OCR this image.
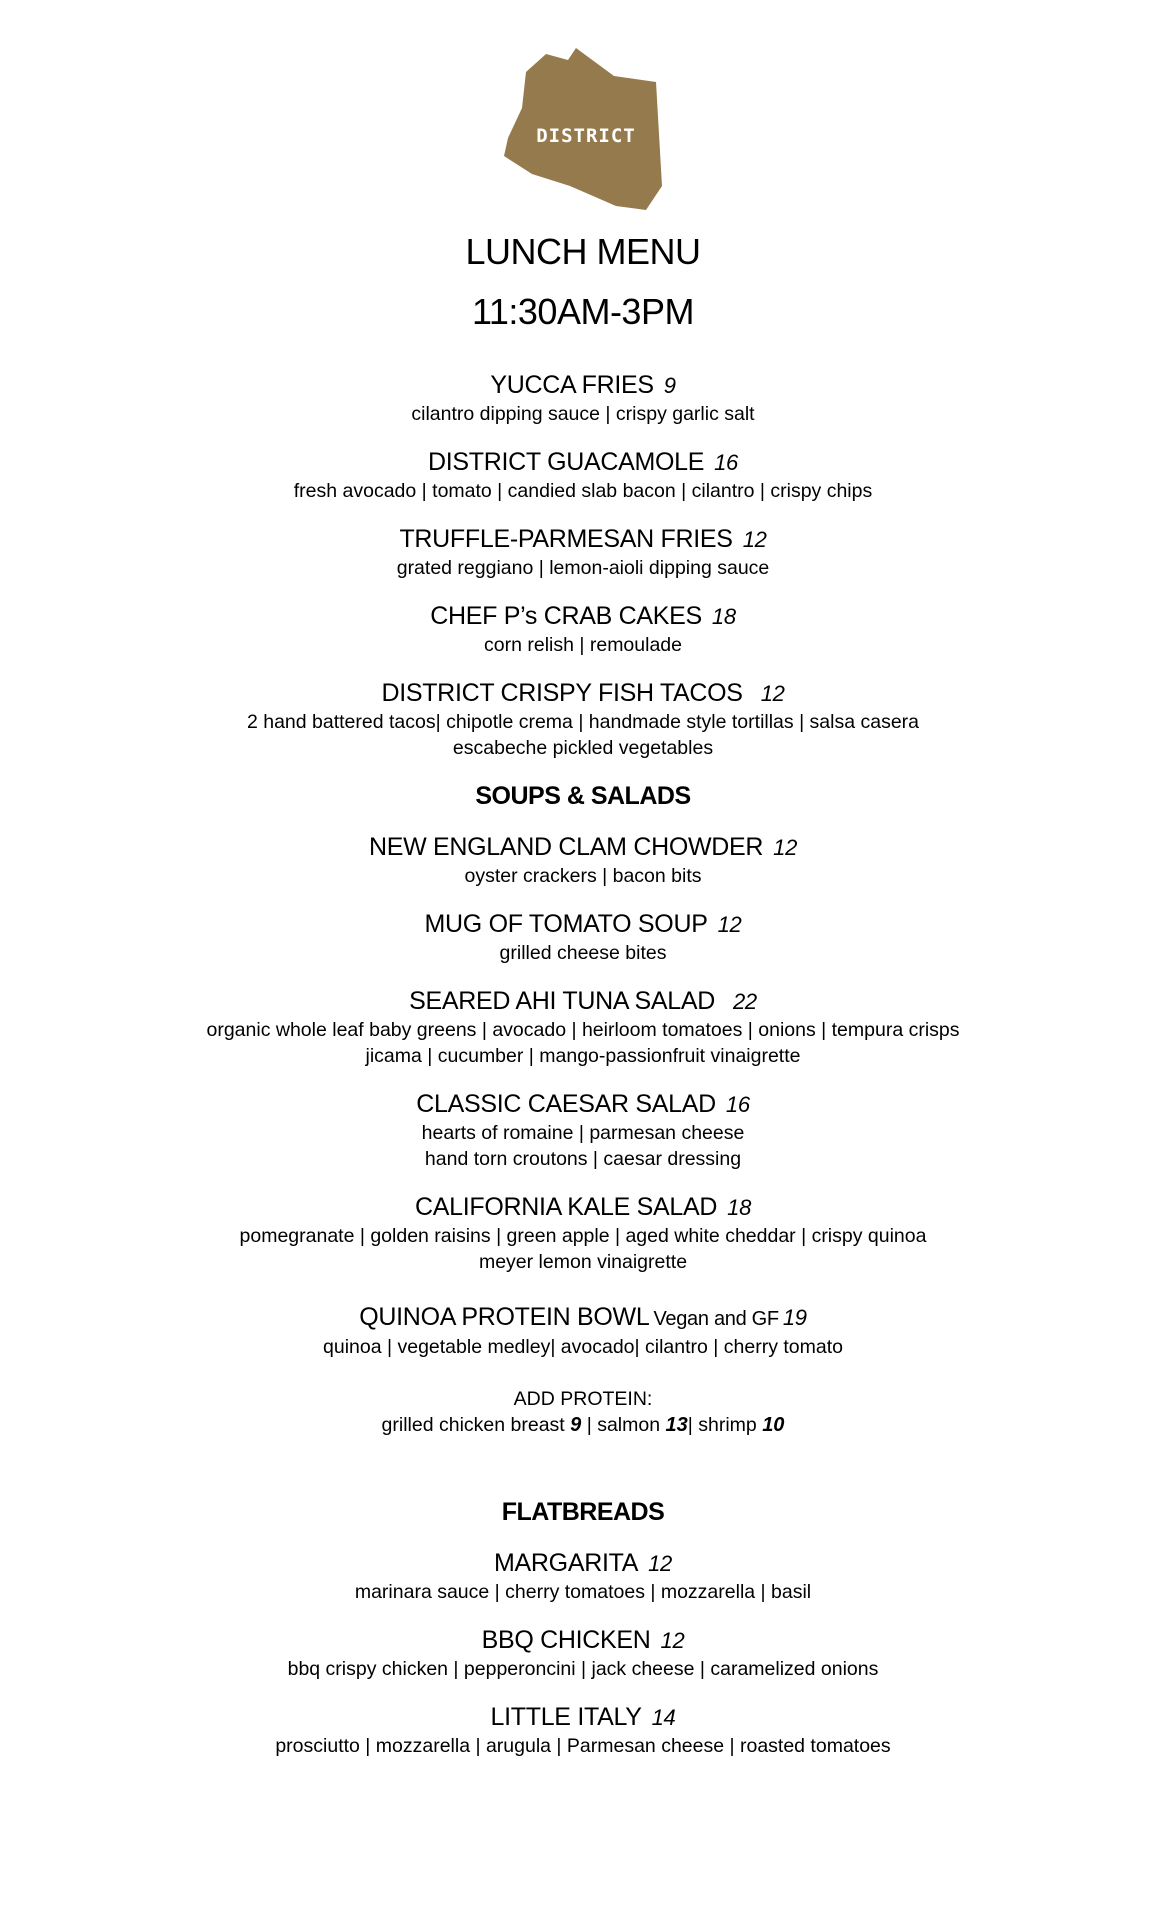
DISTRICT
LUNCH MENU
11:30AM-3PM
YUCCA FRIES 9
cilantro dipping sauce | crispy garlic salt
DISTRICT GUACAMOLE 16
fresh avocado | tomato | candied slab bacon | cilantro | crispy chips
TRUFFLE-PARMESAN FRIES 12
grated reggiano | lemon-aioli dipping sauce
CHEF P’s CRAB CAKES 18
corn relish | remoulade
DISTRICT CRISPY FISH TACOS 12
2 hand battered tacos| chipotle crema | handmade style tortillas | salsa casera
escabeche pickled vegetables
SOUPS & SALADS
NEW ENGLAND CLAM CHOWDER 12
oyster crackers | bacon bits
MUG OF TOMATO SOUP 12
grilled cheese bites
SEARED AHI TUNA SALAD 22
organic whole leaf baby greens | avocado | heirloom tomatoes | onions | tempura crisps
jicama | cucumber | mango-passionfruit vinaigrette
CLASSIC CAESAR SALAD 16
hearts of romaine | parmesan cheese
hand torn croutons | caesar dressing
CALIFORNIA KALE SALAD 18
pomegranate | golden raisins | green apple | aged white cheddar | crispy quinoa
meyer lemon vinaigrette
QUINOA PROTEIN BOWL Vegan and GF 19
quinoa | vegetable medley| avocado| cilantro | cherry tomato
ADD PROTEIN:
grilled chicken breast 9 | salmon 13| shrimp 10
FLATBREADS
MARGARITA 12
marinara sauce | cherry tomatoes | mozzarella | basil
BBQ CHICKEN 12
bbq crispy chicken | pepperoncini | jack cheese | caramelized onions
LITTLE ITALY 14
prosciutto | mozzarella | arugula | Parmesan cheese | roasted tomatoes
